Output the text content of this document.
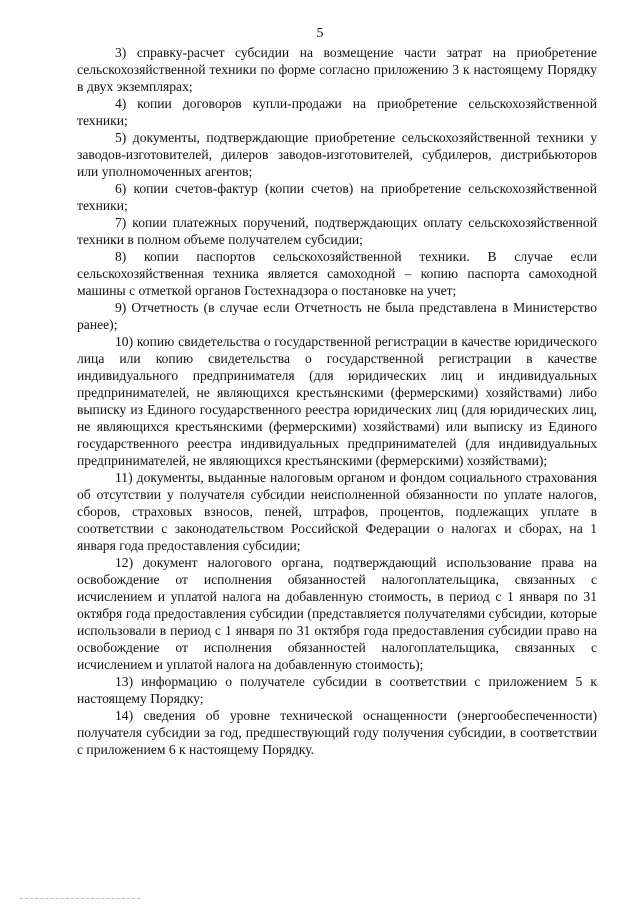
5

3) справку-расчет субсидии на возмещение части затрат на приобретение сельскохозяйственной техники по форме согласно приложению 3 к настоящему Порядку в двух экземплярах;

4) копии договоров купли-продажи на приобретение сельскохозяйственной техники;

5) документы, подтверждающие приобретение сельскохозяйственной техники у заводов-изготовителей, дилеров заводов-изготовителей, субдилеров, дистрибьюторов или уполномоченных агентов;

6) копии счетов-фактур (копии счетов) на приобретение сельскохозяйственной техники;

7) копии платежных поручений, подтверждающих оплату сельскохозяйственной техники в полном объеме получателем субсидии;

8) копии паспортов сельскохозяйственной техники. В случае если сельскохозяйственная техника является самоходной – копию паспорта самоходной машины с отметкой органов Гостехнадзора о постановке на учет;

9) Отчетность (в случае если Отчетность не была представлена в Министерство ранее);

10) копию свидетельства о государственной регистрации в качестве юридического лица или копию свидетельства о государственной регистрации в качестве индивидуального предпринимателя (для юридических лиц и индивидуальных предпринимателей, не являющихся крестьянскими (фермерскими) хозяйствами) либо выписку из Единого государственного реестра юридических лиц (для юридических лиц, не являющихся крестьянскими (фермерскими) хозяйствами) или выписку из Единого государственного реестра индивидуальных предпринимателей (для индивидуальных предпринимателей, не являющихся крестьянскими (фермерскими) хозяйствами);

11) документы, выданные налоговым органом и фондом социального страхования об отсутствии у получателя субсидии неисполненной обязанности по уплате налогов, сборов, страховых взносов, пеней, штрафов, процентов, подлежащих уплате в соответствии с законодательством Российской Федерации о налогах и сборах, на 1 января года предоставления субсидии;

12) документ налогового органа, подтверждающий использование права на освобождение от исполнения обязанностей налогоплательщика, связанных с исчислением и уплатой налога на добавленную стоимость, в период с 1 января по 31 октября года предоставления субсидии (представляется получателями субсидии, которые использовали в период с 1 января по 31 октября года предоставления субсидии право на освобождение от исполнения обязанностей налогоплательщика, связанных с исчислением и уплатой налога на добавленную стоимость);

13) информацию о получателе субсидии в соответствии с приложением 5 к настоящему Порядку;

14) сведения об уровне технической оснащенности (энергообеспеченности) получателя субсидии за год, предшествующий году получения субсидии, в соответствии с приложением 6 к настоящему Порядку.
